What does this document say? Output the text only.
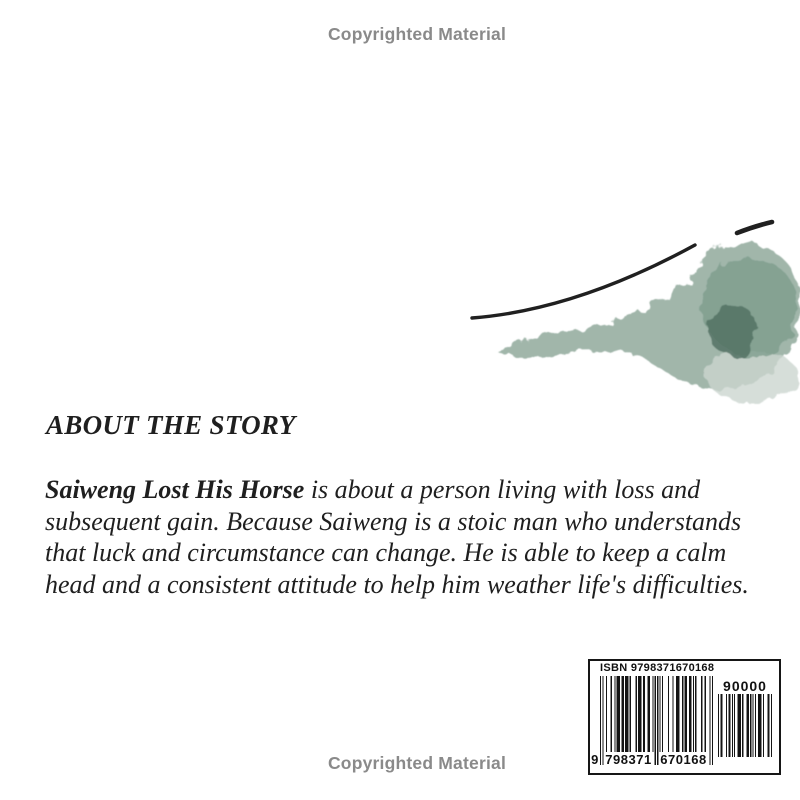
Copyrighted Material
ABOUT THE STORY

Saiweng Lost His Horse is about a person living with loss and
subsequent gain. Because Saiweng is a stoic man who understands
that luck and circumstance can change. He is able to keep a calm
head and a consistent attitude to help him weather life's difficulties.

ISBN 9798371670168
90000
9 798371 670168
Copyrighted Material
